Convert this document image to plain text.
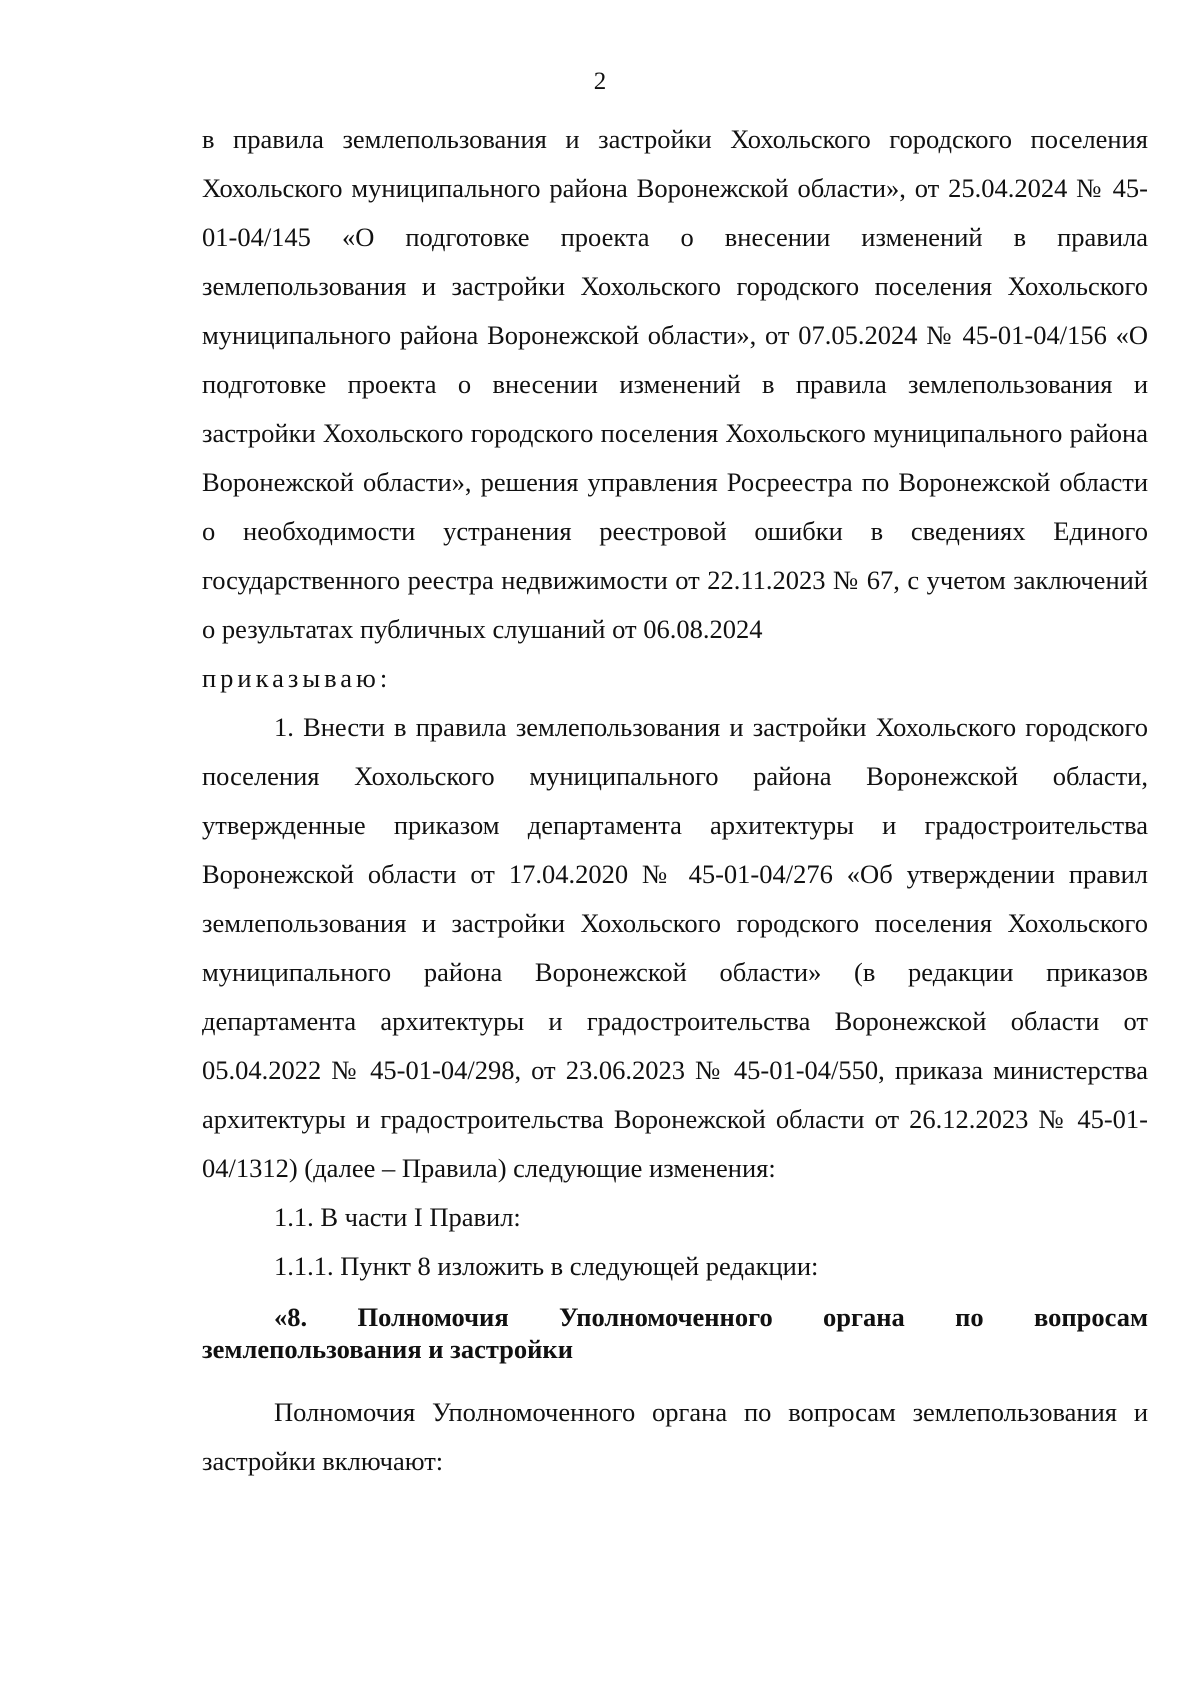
2

в правила землепользования и застройки Хохольского городского поселения Хохольского муниципального района Воронежской области», от 25.04.2024 № 45-01-04/145 «О подготовке проекта о внесении изменений в правила землепользования и застройки Хохольского городского поселения Хохольского муниципального района Воронежской области», от 07.05.2024 № 45-01-04/156 «О подготовке проекта о внесении изменений в правила землепользования и застройки Хохольского городского поселения Хохольского муниципального района Воронежской области», решения управления Росреестра по Воронежской области о необходимости устранения реестровой ошибки в сведениях Единого государственного реестра недвижимости от 22.11.2023 № 67, с учетом заключений о результатах публичных слушаний от 06.08.2024

приказываю:

1. Внести в правила землепользования и застройки Хохольского городского поселения Хохольского муниципального района Воронежской области, утвержденные приказом департамента архитектуры и градостроительства Воронежской области от 17.04.2020 № 45-01-04/276 «Об утверждении правил землепользования и застройки Хохольского городского поселения Хохольского муниципального района Воронежской области» (в редакции приказов департамента архитектуры и градостроительства Воронежской области от 05.04.2022 № 45-01-04/298, от 23.06.2023 № 45-01-04/550, приказа министерства архитектуры и градостроительства Воронежской области от 26.12.2023 № 45-01-04/1312) (далее – Правила) следующие изменения:

1.1. В части I Правил:

1.1.1. Пункт 8 изложить в следующей редакции:

«8. Полномочия Уполномоченного органа по вопросам землепользования и застройки

Полномочия Уполномоченного органа по вопросам землепользования и застройки включают:
